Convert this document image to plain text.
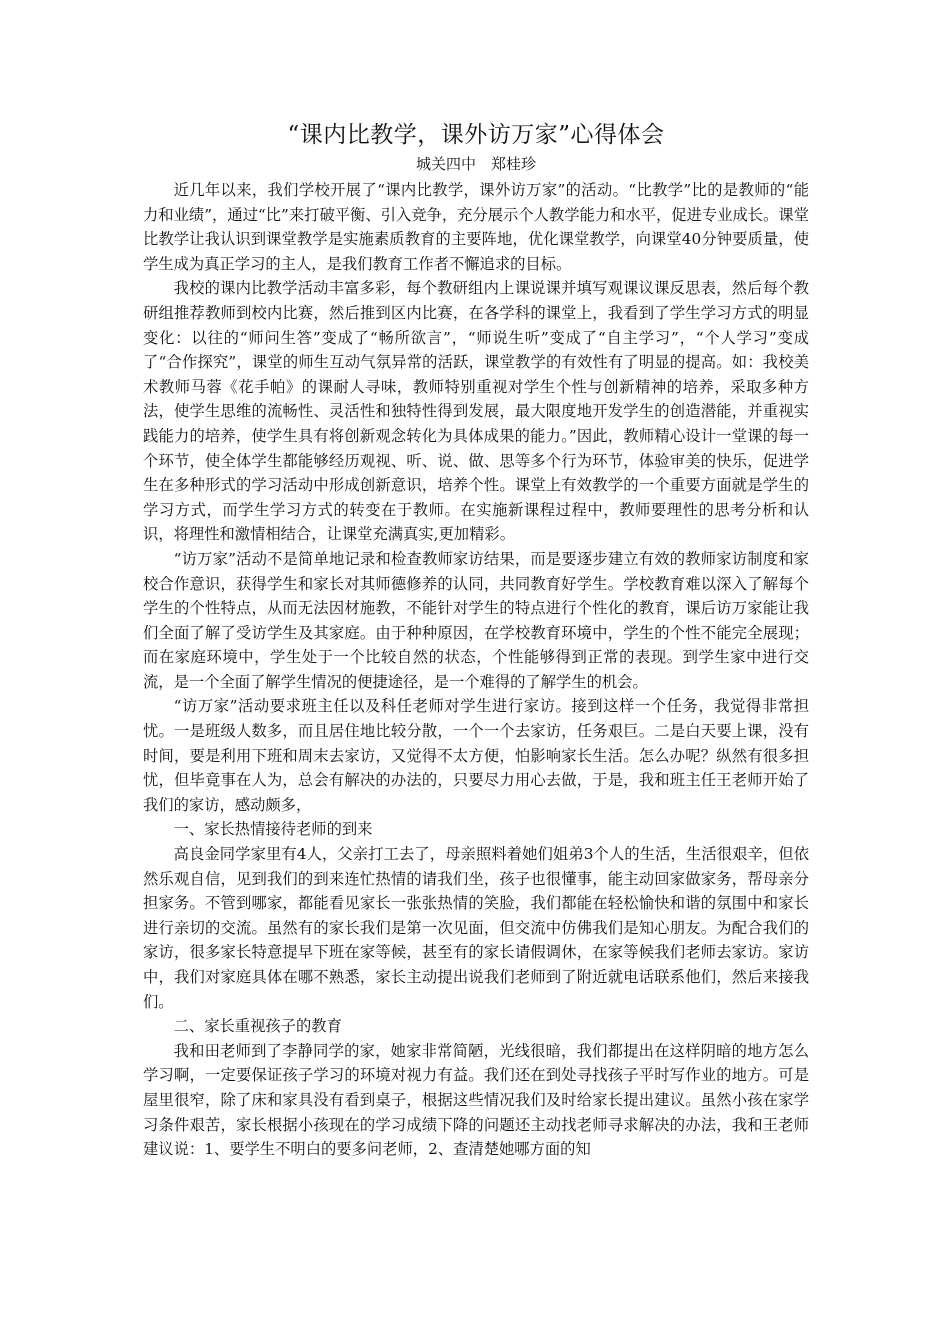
“课内比教学，课外访万家”心得体会

城关四中　郑桂珍

近几年以来，我们学校开展了“课内比教学，课外访万家”的活动。“比教学”比的是教师的“能力和业绩”，通过“比”来打破平衡、引入竞争，充分展示个人教学能力和水平，促进专业成长。课堂比教学让我认识到课堂教学是实施素质教育的主要阵地，优化课堂教学，向课堂40分钟要质量，使学生成为真正学习的主人，是我们教育工作者不懈追求的目标。

我校的课内比教学活动丰富多彩，每个教研组内上课说课并填写观课议课反思表，然后每个教研组推荐教师到校内比赛，然后推到区内比赛，在各学科的课堂上，我看到了学生学习方式的明显变化：以往的“师问生答”变成了“畅所欲言”，“师说生听”变成了“自主学习”，“个人学习”变成了“合作探究”，课堂的师生互动气氛异常的活跃，课堂教学的有效性有了明显的提高。如：我校美术教师马蓉《花手帕》的课耐人寻味，教师特别重视对学生个性与创新精神的培养，采取多种方法，使学生思维的流畅性、灵活性和独特性得到发展，最大限度地开发学生的创造潜能，并重视实践能力的培养，使学生具有将创新观念转化为具体成果的能力。”因此，教师精心设计一堂课的每一个环节，使全体学生都能够经历观视、听、说、做、思等多个行为环节，体验审美的快乐，促进学生在多种形式的学习活动中形成创新意识，培养个性。课堂上有效教学的一个重要方面就是学生的学习方式，而学生学习方式的转变在于教师。在实施新课程过程中，教师要理性的思考分析和认识，将理性和激情相结合，让课堂充满真实,更加精彩。

“访万家”活动不是简单地记录和检查教师家访结果，而是要逐步建立有效的教师家访制度和家校合作意识，获得学生和家长对其师德修养的认同，共同教育好学生。学校教育难以深入了解每个学生的个性特点，从而无法因材施教，不能针对学生的特点进行个性化的教育，课后访万家能让我们全面了解了受访学生及其家庭。由于种种原因，在学校教育环境中，学生的个性不能完全展现；而在家庭环境中，学生处于一个比较自然的状态，个性能够得到正常的表现。到学生家中进行交流，是一个全面了解学生情况的便捷途径，是一个难得的了解学生的机会。

“访万家”活动要求班主任以及科任老师对学生进行家访。接到这样一个任务，我觉得非常担忧。一是班级人数多，而且居住地比较分散，一个一个去家访，任务艰巨。二是白天要上课，没有时间，要是利用下班和周末去家访，又觉得不太方便，怕影响家长生活。怎么办呢？纵然有很多担忧，但毕竟事在人为，总会有解决的办法的，只要尽力用心去做，于是，我和班主任王老师开始了我们的家访，感动颇多，

一、家长热情接待老师的到来

高良金同学家里有4人，父亲打工去了，母亲照料着她们姐弟3个人的生活，生活很艰辛，但依然乐观自信，见到我们的到来连忙热情的请我们坐，孩子也很懂事，能主动回家做家务，帮母亲分担家务。不管到哪家，都能看见家长一张张热情的笑脸，我们都能在轻松愉快和谐的氛围中和家长进行亲切的交流。虽然有的家长我们是第一次见面，但交流中仿佛我们是知心朋友。为配合我们的家访，很多家长特意提早下班在家等候，甚至有的家长请假调休，在家等候我们老师去家访。家访中，我们对家庭具体在哪不熟悉，家长主动提出说我们老师到了附近就电话联系他们，然后来接我们。

二、家长重视孩子的教育

我和田老师到了李静同学的家，她家非常简陋，光线很暗，我们都提出在这样阴暗的地方怎么学习啊，一定要保证孩子学习的环境对视力有益。我们还在到处寻找孩子平时写作业的地方。可是屋里很窄，除了床和家具没有看到桌子，根据这些情况我们及时给家长提出建议。虽然小孩在家学习条件艰苦，家长根据小孩现在的学习成绩下降的问题还主动找老师寻求解决的办法，我和王老师建议说：1、要学生不明白的要多问老师，2、查清楚她哪方面的知
